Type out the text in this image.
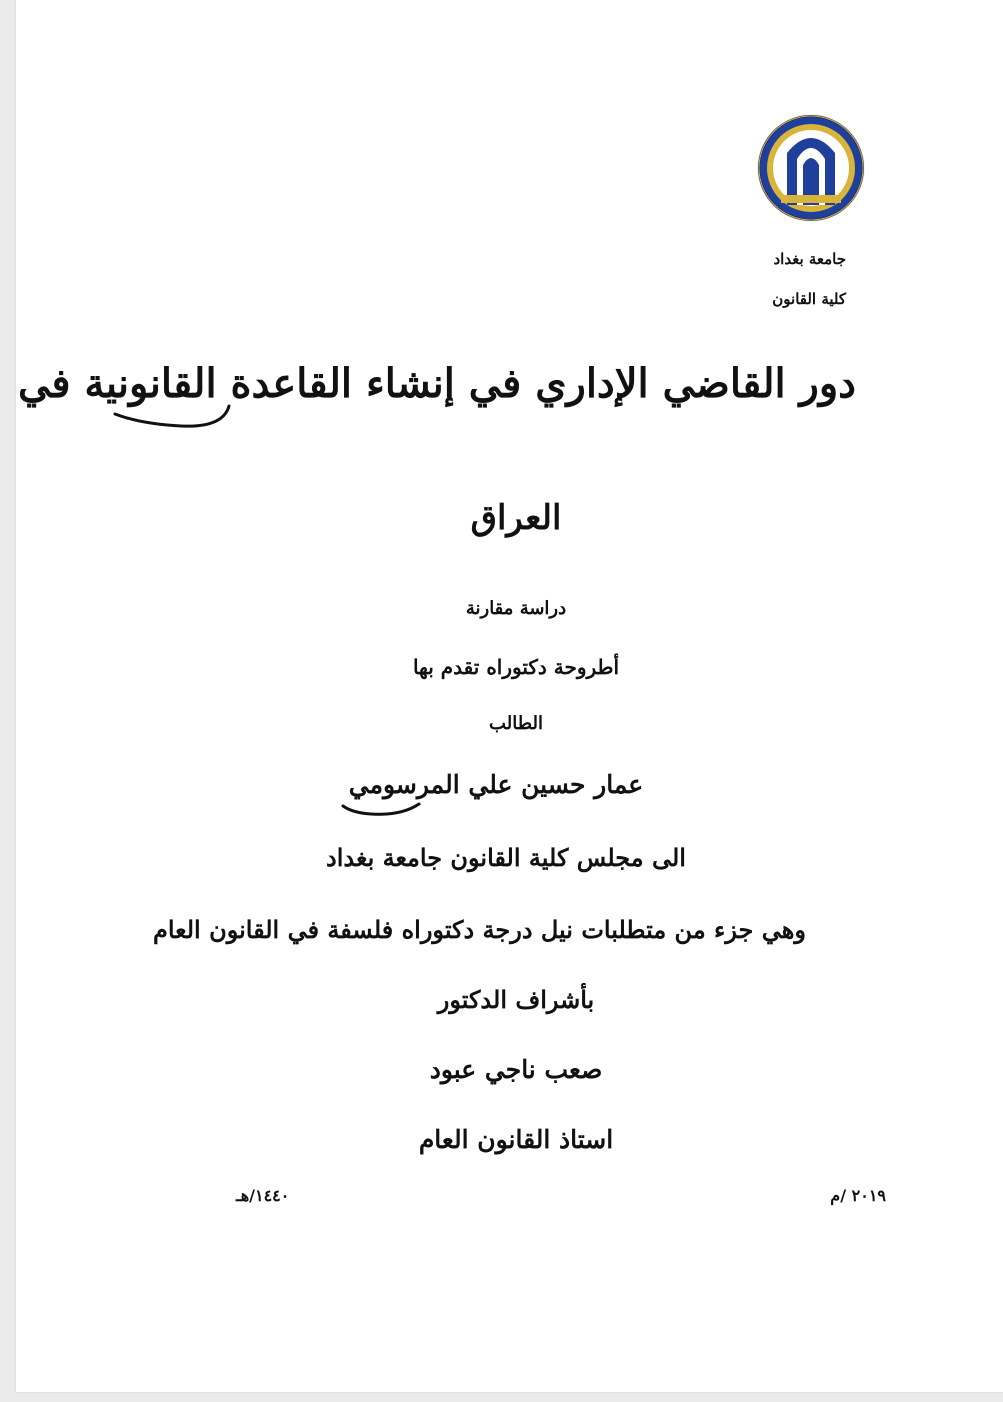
جامعة بغداد
كلية القانون
دور القاضي الإداري في إنشاء القاعدة القانونية في
العراق
دراسة مقارنة
أطروحة دكتوراه تقدم بها
الطالب
عمار حسين علي المرسومي
الى مجلس كلية القانون جامعة بغداد
وهي جزء من متطلبات نيل درجة دكتوراه فلسفة في القانون العام
بأشراف الدكتور
صعب ناجي عبود
استاذ القانون العام
٢٠١٩ /م
١٤٤٠/هـ
